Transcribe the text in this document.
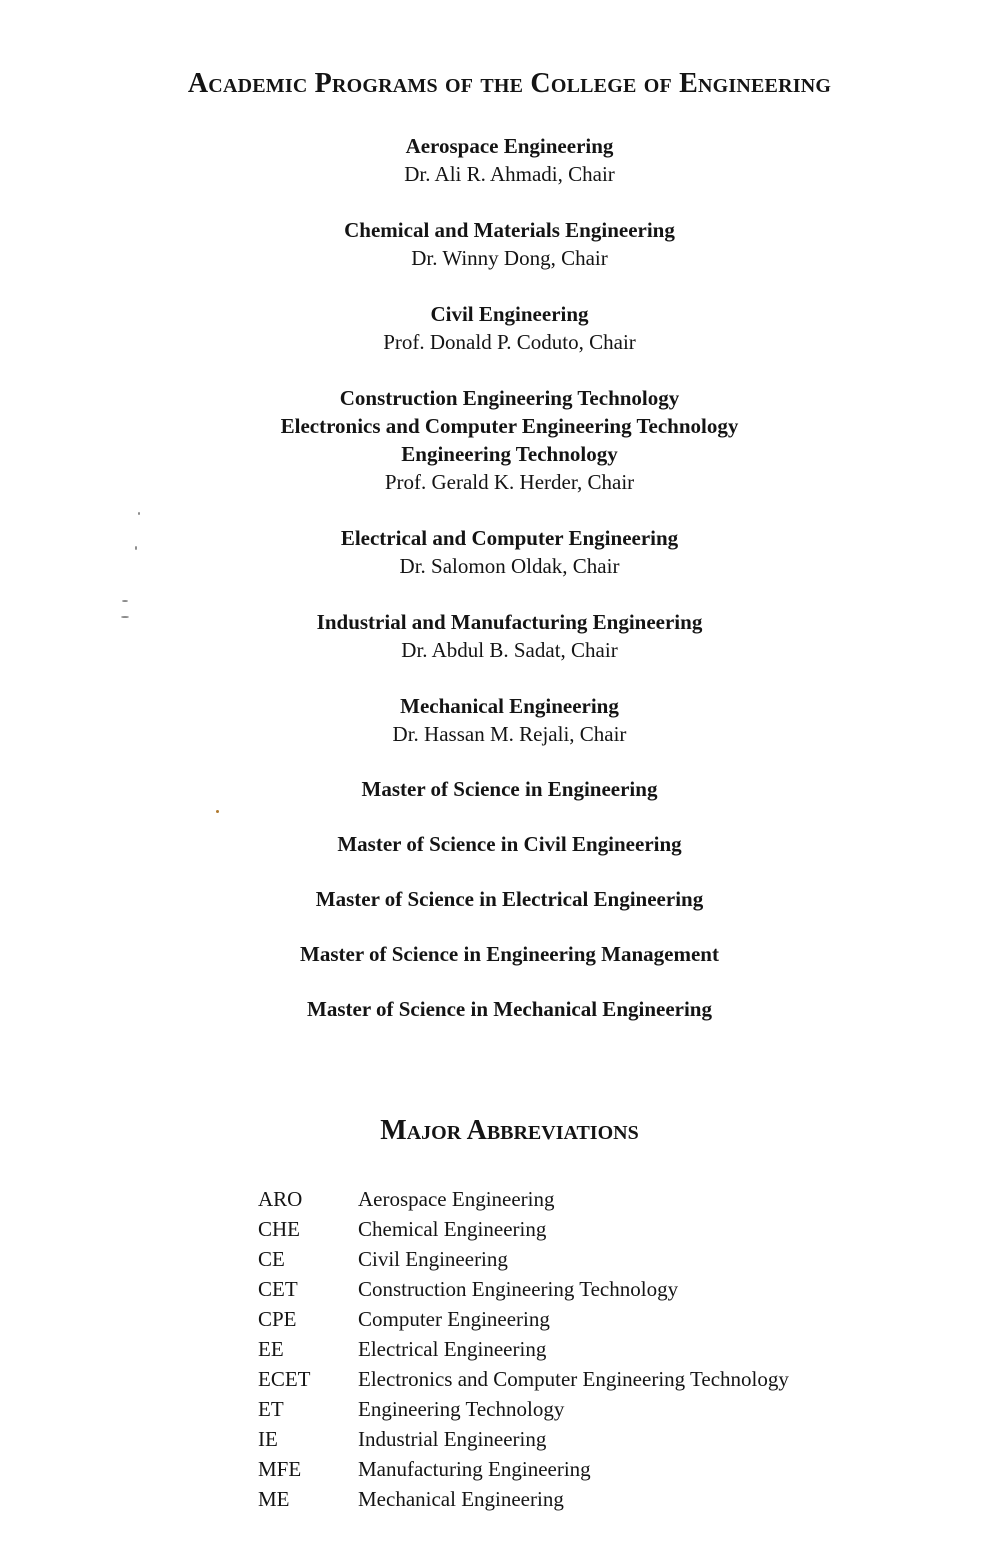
Academic Programs of the College of Engineering
Aerospace Engineering
Dr. Ali R. Ahmadi, Chair
Chemical and Materials Engineering
Dr. Winny Dong, Chair
Civil Engineering
Prof. Donald P. Coduto, Chair
Construction Engineering Technology
Electronics and Computer Engineering Technology
Engineering Technology
Prof. Gerald K. Herder, Chair
Electrical and Computer Engineering
Dr. Salomon Oldak, Chair
Industrial and Manufacturing Engineering
Dr. Abdul B. Sadat, Chair
Mechanical Engineering
Dr. Hassan M. Rejali, Chair
Master of Science in Engineering
Master of Science in Civil Engineering
Master of Science in Electrical Engineering
Master of Science in Engineering Management
Master of Science in Mechanical Engineering
Major Abbreviations
ARO	Aerospace Engineering
CHE	Chemical Engineering
CE	Civil Engineering
CET	Construction Engineering Technology
CPE	Computer Engineering
EE	Electrical Engineering
ECET	Electronics and Computer Engineering Technology
ET	Engineering Technology
IE	Industrial Engineering
MFE	Manufacturing Engineering
ME	Mechanical Engineering
